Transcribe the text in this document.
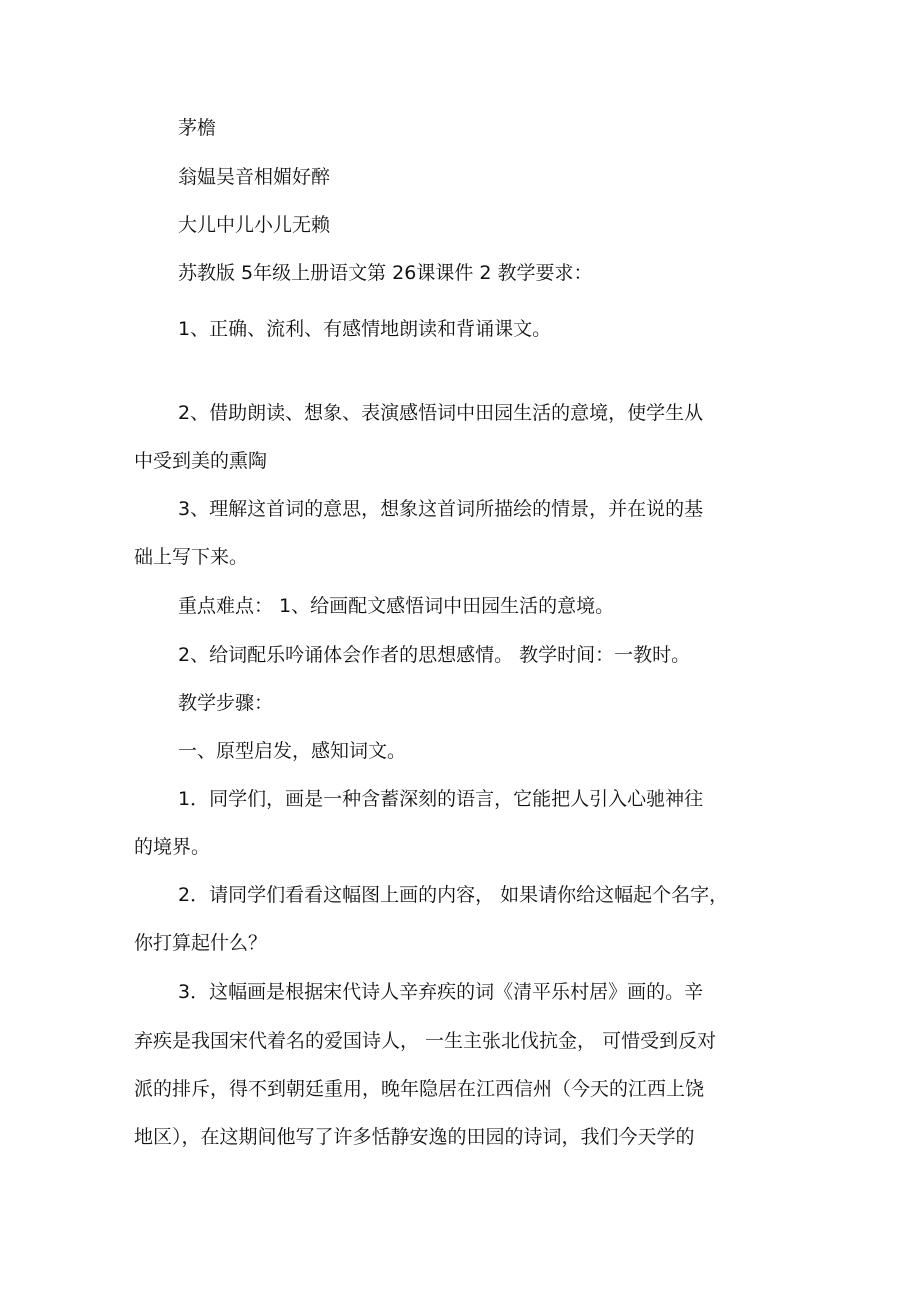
茅檐
翁媪吴音相媚好醉
大儿中儿小儿无赖
苏教版 5年级上册语文第 26课课件 2 教学要求：
1、正确、流利、有感情地朗读和背诵课文。
2、借助朗读、想象、表演感悟词中田园生活的意境，使学生从
中受到美的熏陶
3、理解这首词的意思，想象这首词所描绘的情景，并在说的基
础上写下来。
重点难点： 1、给画配文感悟词中田园生活的意境。
2、给词配乐吟诵体会作者的思想感情。 教学时间：一教时。
教学步骤：
一、原型启发，感知词文。
1．同学们，画是一种含蓄深刻的语言，它能把人引入心驰神往
的境界。
2．请同学们看看这幅图上画的内容， 如果请你给这幅起个名字，
你打算起什么？
3．这幅画是根据宋代诗人辛弃疾的词《清平乐村居》画的。辛
弃疾是我国宋代着名的爱国诗人， 一生主张北伐抗金， 可惜受到反对
派的排斥，得不到朝廷重用，晚年隐居在江西信州（今天的江西上饶
地区），在这期间他写了许多恬静安逸的田园的诗词，我们今天学的
